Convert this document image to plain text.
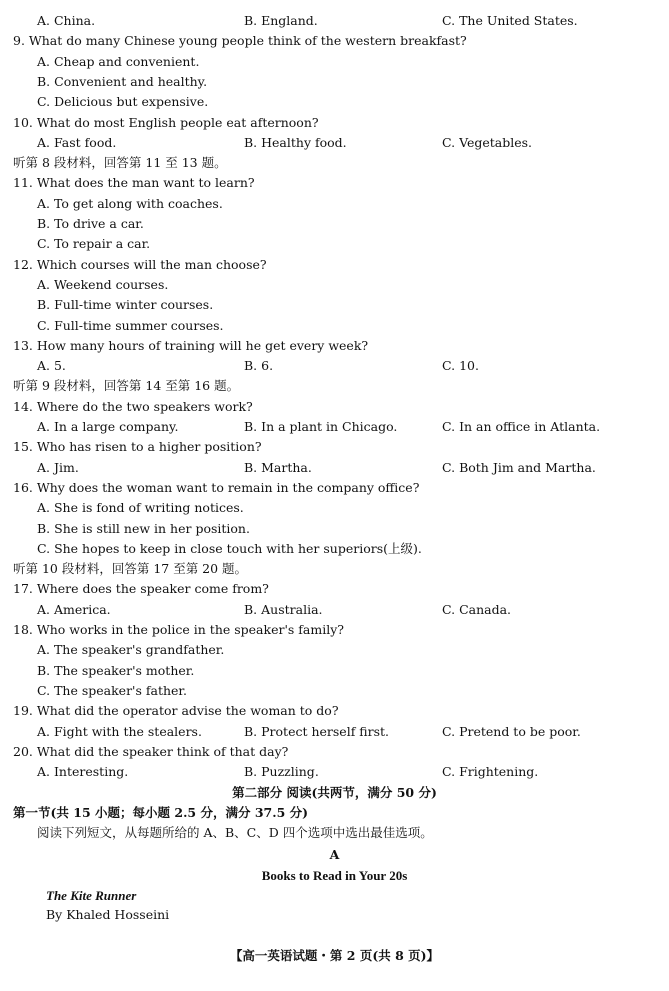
A. China.	B. England.	C. The United States.
9. What do many Chinese young people think of the western breakfast?
A. Cheap and convenient.
B. Convenient and healthy.
C. Delicious but expensive.
10. What do most English people eat afternoon?
A. Fast food.	B. Healthy food.	C. Vegetables.
听第 8 段材料，回答第 11 至 13 题。
11. What does the man want to learn?
A. To get along with coaches.
B. To drive a car.
C. To repair a car.
12. Which courses will the man choose?
A. Weekend courses.
B. Full-time winter courses.
C. Full-time summer courses.
13. How many hours of training will he get every week?
A. 5.	B. 6.	C. 10.
听第 9 段材料，回答第 14 至第 16 题。
14. Where do the two speakers work?
A. In a large company.	B. In a plant in Chicago.	C. In an office in Atlanta.
15. Who has risen to a higher position?
A. Jim.	B. Martha.	C. Both Jim and Martha.
16. Why does the woman want to remain in the company office?
A. She is fond of writing notices.
B. She is still new in her position.
C. She hopes to keep in close touch with her superiors(上级).
听第 10 段材料，回答第 17 至第 20 题。
17. Where does the speaker come from?
A. America.	B. Australia.	C. Canada.
18. Who works in the police in the speaker's family?
A. The speaker's grandfather.
B. The speaker's mother.
C. The speaker's father.
19. What did the operator advise the woman to do?
A. Fight with the stealers.	B. Protect herself first.	C. Pretend to be poor.
20. What did the speaker think of that day?
A. Interesting.	B. Puzzling.	C. Frightening.
第二部分 阅读(共两节，满分 50 分)
第一节(共 15 小题；每小题 2.5 分，满分 37.5 分)
阅读下列短文，从每题所给的 A、B、C、D 四个选项中选出最佳选项。
A
Books to Read in Your 20s
The Kite Runner
By Khaled Hosseini
【高一英语试题・第 2 页(共 8 页)】
